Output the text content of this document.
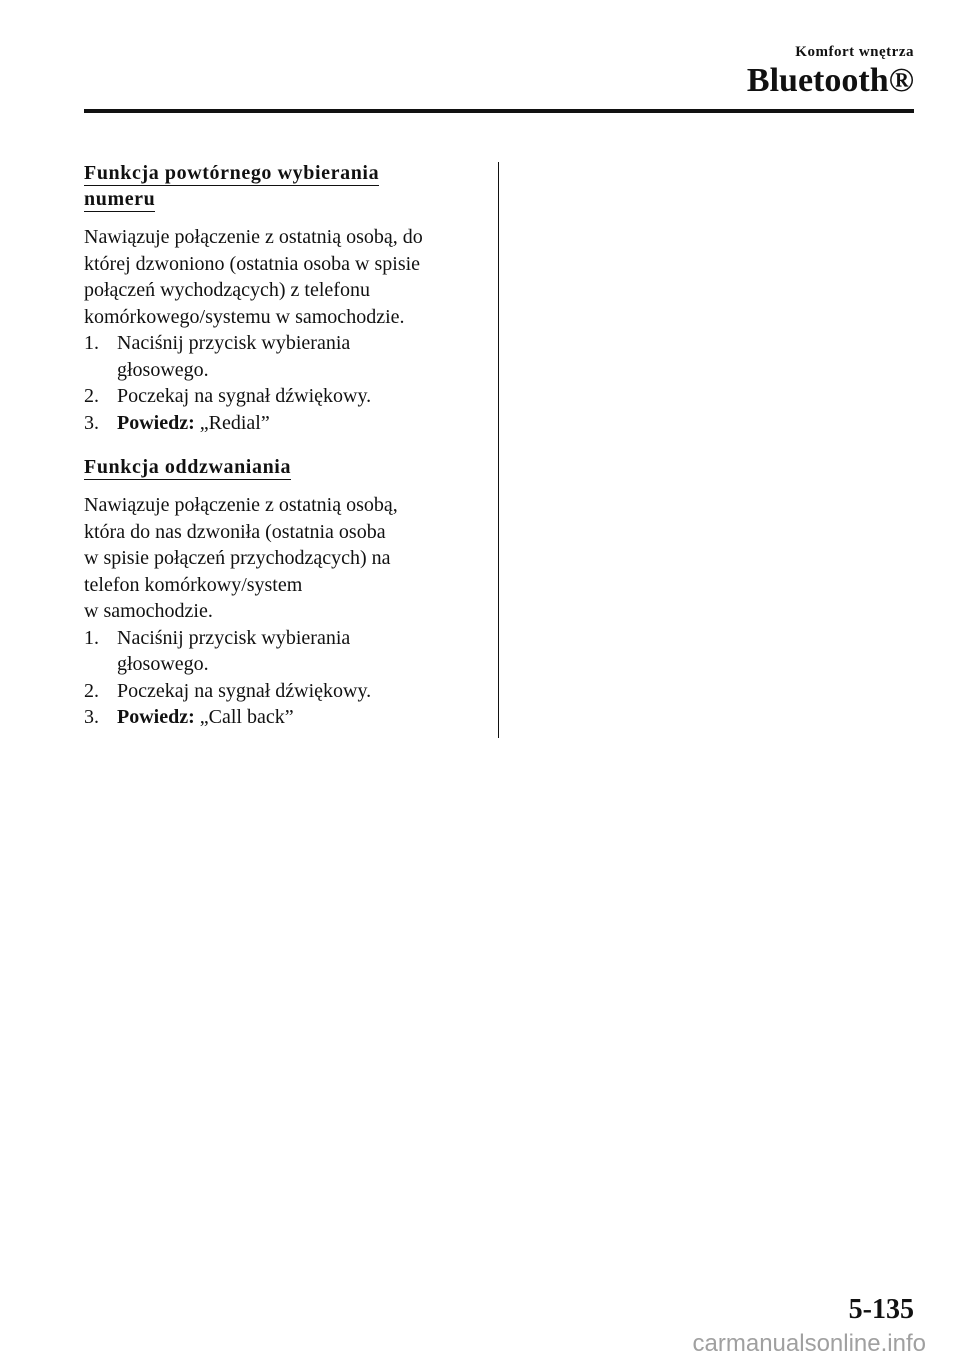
Komfort wnętrza
Bluetooth®
Funkcja powtórnego wybierania
numeru

Nawiązuje połączenie z ostatnią osobą, do
której dzwoniono (ostatnia osoba w spisie
połączeń wychodzących) z telefonu
komórkowego/systemu w samochodzie.

1. Naciśnij przycisk wybierania
głosowego.
2. Poczekaj na sygnał dźwiękowy.
3. Powiedz: „Redial”
Funkcja oddzwaniania

Nawiązuje połączenie z ostatnią osobą,
która do nas dzwoniła (ostatnia osoba
w spisie połączeń przychodzących) na
telefon komórkowy/system
w samochodzie.

1. Naciśnij przycisk wybierania
głosowego.
2. Poczekaj na sygnał dźwiękowy.
3. Powiedz: „Call back”
5-135
carmanualsonline.info
